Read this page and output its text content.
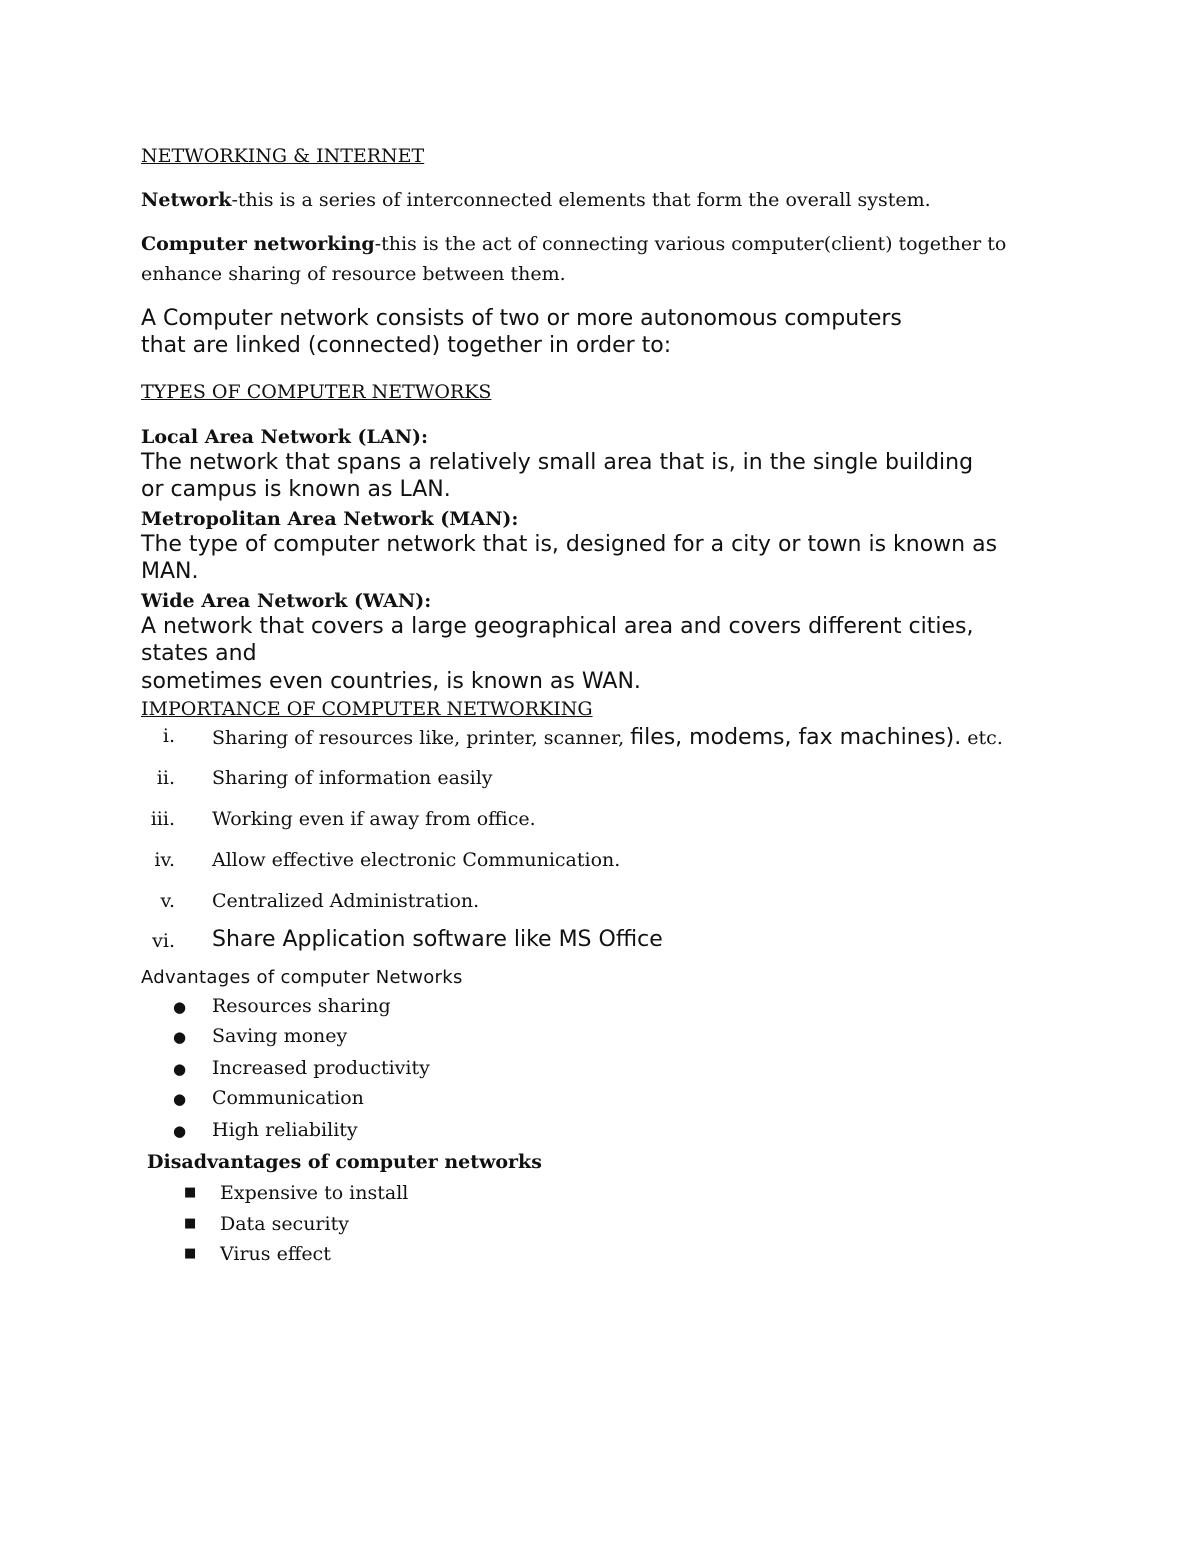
NETWORKING & INTERNET
Network-this is a series of interconnected elements that form the overall system.
Computer networking-this is the act of connecting various computer(client) together to
enhance sharing of resource between them.
A Computer network consists of two or more autonomous computers
that are linked (connected) together in order to:
TYPES OF COMPUTER NETWORKS
Local Area Network (LAN):
The network that spans a relatively small area that is, in the single building
or campus is known as LAN.
Metropolitan Area Network (MAN):
The type of computer network that is, designed for a city or town is known as
MAN.
Wide Area Network (WAN):
A network that covers a large geographical area and covers different cities,
states and
sometimes even countries, is known as WAN.
IMPORTANCE OF COMPUTER NETWORKING
i. Sharing of resources like, printer, scanner, files, modems, fax machines). etc.
ii. Sharing of information easily
iii. Working even if away from office.
iv. Allow effective electronic Communication.
v. Centralized Administration.
vi. Share Application software like MS Office
Advantages of computer Networks
● Resources sharing
● Saving money
● Increased productivity
● Communication
● High reliability
Disadvantages of computer networks
■ Expensive to install
■ Data security
■ Virus effect
